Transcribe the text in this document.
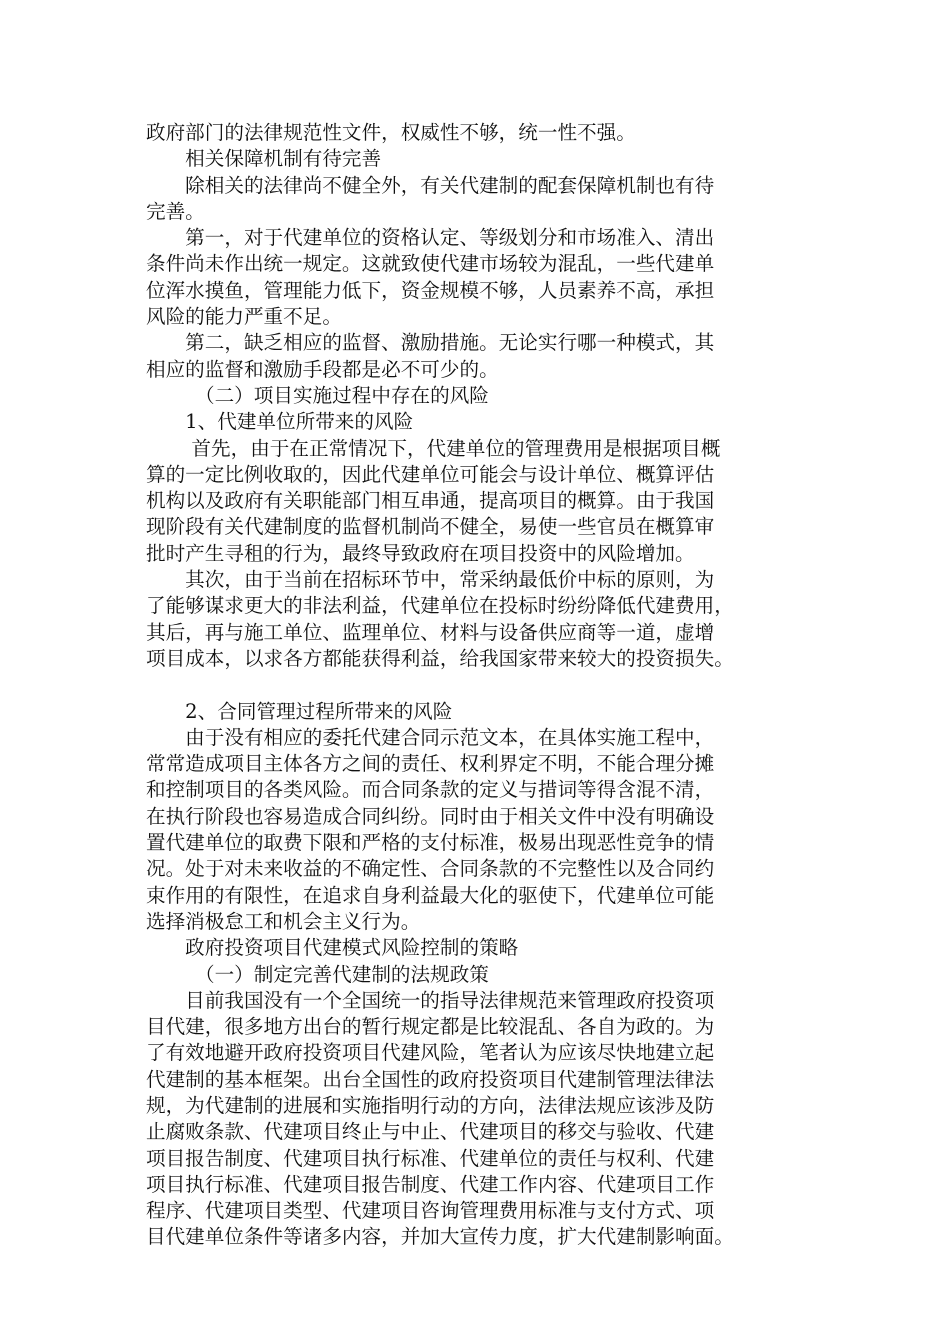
政府部门的法律规范性文件，权威性不够，统一性不强。
　　相关保障机制有待完善
　　除相关的法律尚不健全外，有关代建制的配套保障机制也有待
完善。
　　第一，对于代建单位的资格认定、等级划分和市场准入、清出
条件尚未作出统一规定。这就致使代建市场较为混乱，一些代建单
位浑水摸鱼，管理能力低下，资金规模不够，人员素养不高，承担
风险的能力严重不足。
　　第二，缺乏相应的监督、激励措施。无论实行哪一种模式，其
相应的监督和激励手段都是必不可少的。
　　　（二）项目实施过程中存在的风险
　　1、代建单位所带来的风险
　　 首先，由于在正常情况下，代建单位的管理费用是根据项目概
算的一定比例收取的，因此代建单位可能会与设计单位、概算评估
机构以及政府有关职能部门相互串通，提高项目的概算。由于我国
现阶段有关代建制度的监督机制尚不健全，易使一些官员在概算审
批时产生寻租的行为，最终导致政府在项目投资中的风险增加。
　　其次，由于当前在招标环节中，常采纳最低价中标的原则，为
了能够谋求更大的非法利益，代建单位在投标时纷纷降低代建费用，
其后，再与施工单位、监理单位、材料与设备供应商等一道，虚增
项目成本，以求各方都能获得利益，给我国家带来较大的投资损失。
　　2、合同管理过程所带来的风险
　　由于没有相应的委托代建合同示范文本，在具体实施工程中，
常常造成项目主体各方之间的责任、权利界定不明，不能合理分摊
和控制项目的各类风险。而合同条款的定义与措词等得含混不清，
在执行阶段也容易造成合同纠纷。同时由于相关文件中没有明确设
置代建单位的取费下限和严格的支付标准，极易出现恶性竞争的情
况。处于对未来收益的不确定性、合同条款的不完整性以及合同约
束作用的有限性，在追求自身利益最大化的驱使下，代建单位可能
选择消极怠工和机会主义行为。
　　政府投资项目代建模式风险控制的策略
　　　（一）制定完善代建制的法规政策
　　目前我国没有一个全国统一的指导法律规范来管理政府投资项
目代建，很多地方出台的暂行规定都是比较混乱、各自为政的。为
了有效地避开政府投资项目代建风险，笔者认为应该尽快地建立起
代建制的基本框架。出台全国性的政府投资项目代建制管理法律法
规，为代建制的进展和实施指明行动的方向，法律法规应该涉及防
止腐败条款、代建项目终止与中止、代建项目的移交与验收、代建
项目报告制度、代建项目执行标准、代建单位的责任与权利、代建
项目执行标准、代建项目报告制度、代建工作内容、代建项目工作
程序、代建项目类型、代建项目咨询管理费用标准与支付方式、项
目代建单位条件等诸多内容，并加大宣传力度，扩大代建制影响面。
